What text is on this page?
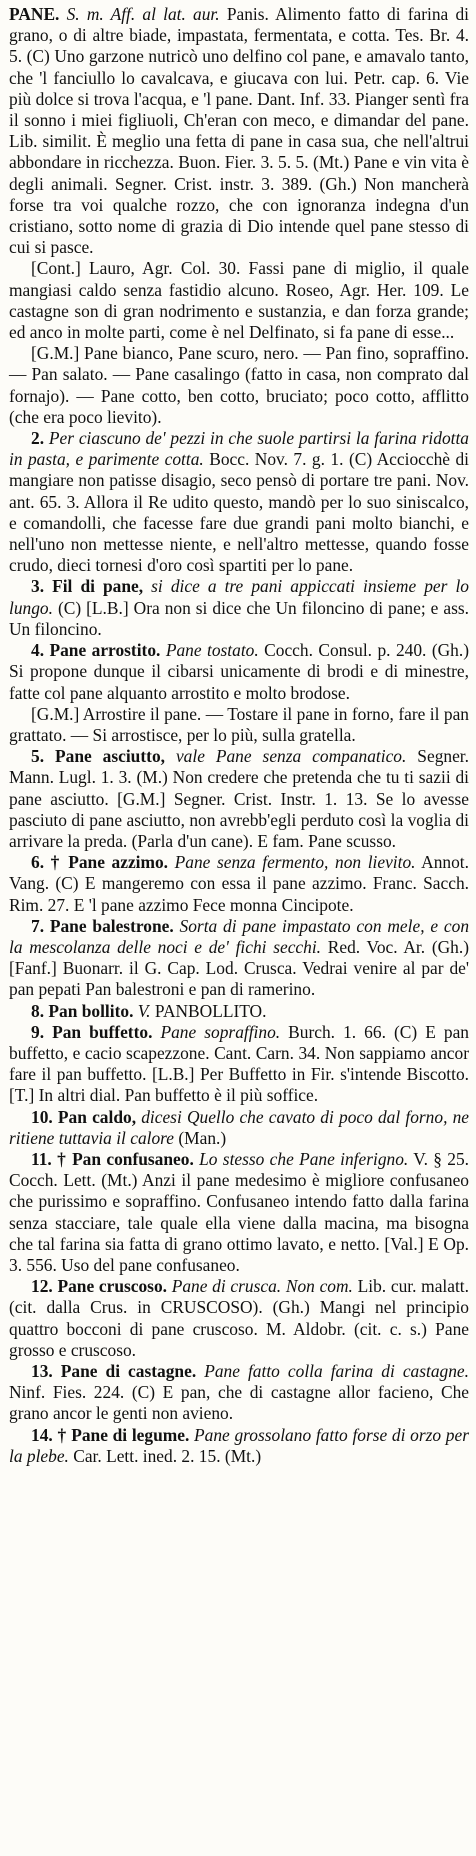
PANE. S. m. Aff. al lat. aur. Panis. Alimento fatto di farina di grano, o di altre biade, impastata, fermentata, e cotta. Tes. Br. 4. 5. (C) Uno garzone nutricò uno delfino col pane, e amavalo tanto, che 'l fanciullo lo cavalcava, e giucava con lui. Petr. cap. 6. Vie più dolce si trova l'acqua, e 'l pane. Dant. Inf. 33. Pianger sentì fra il sonno i miei figliuoli, Ch'eran con meco, e dimandar del pane. Lib. similit. È meglio una fetta di pane in casa sua, che nell'altrui abbondare in ricchezza. Buon. Fier. 3. 5. 5. (Mt.) Pane e vin vita è degli animali. Segner. Crist. instr. 3. 389. (Gh.) Non mancherà forse tra voi qualche rozzo, che con ignoranza indegna d'un cristiano, sotto nome di grazia di Dio intende quel pane stesso di cui si pasce.

[Cont.] Lauro, Agr. Col. 30. Fassi pane di miglio, il quale mangiasi caldo senza fastidio alcuno. Roseo, Agr. Her. 109. Le castagne son di gran nodrimento e sustanzia, e dan forza grande; ed anco in molte parti, come è nel Delfinato, si fa pane di esse...

[G.M.] Pane bianco, Pane scuro, nero. — Pan fino, sopraffino. — Pan salato. — Pane casalingo (fatto in casa, non comprato dal fornajo). — Pane cotto, ben cotto, bruciato; poco cotto, afflitto (che era poco lievito).

2. Per ciascuno de' pezzi in che suole partirsi la farina ridotta in pasta, e parimente cotta. Bocc. Nov. 7. g. 1. (C) Acciocchè di mangiare non patisse disagio, seco pensò di portare tre pani. Nov. ant. 65. 3. Allora il Re udito questo, mandò per lo suo siniscalco, e comandolli, che facesse fare due grandi pani molto bianchi, e nell'uno non mettesse niente, e nell'altro mettesse, quando fosse crudo, dieci tornesi d'oro così spartiti per lo pane.

3. Fil di pane, si dice a tre pani appiccati insieme per lo lungo. (C) [L.B.] Ora non si dice che Un filoncino di pane; e ass. Un filoncino.

4. Pane arrostito. Pane tostato. Cocch. Consul. p. 240. (Gh.) Si propone dunque il cibarsi unicamente di brodi e di minestre, fatte col pane alquanto arrostito e molto brodose.

[G.M.] Arrostire il pane. — Tostare il pane in forno, fare il pan grattato. — Si arrostisce, per lo più, sulla gratella.

5. Pane asciutto, vale Pane senza companatico. Segner. Mann. Lugl. 1. 3. (M.) Non credere che pretenda che tu ti sazii di pane asciutto. [G.M.] Segner. Crist. Instr. 1. 13. Se lo avesse pasciuto di pane asciutto, non avrebb'egli perduto così la voglia di arrivare la preda. (Parla d'un cane). E fam. Pane scusso.

6. † Pane azzimo. Pane senza fermento, non lievito. Annot. Vang. (C) E mangeremo con essa il pane azzimo. Franc. Sacch. Rim. 27. E 'l pane azzimo Fece monna Cincipote.

7. Pane balestrone. Sorta di pane impastato con mele, e con la mescolanza delle noci e de' fichi secchi. Red. Voc. Ar. (Gh.) [Fanf.] Buonarr. il G. Cap. Lod. Crusca. Vedrai venire al par de' pan pepati Pan balestroni e pan di ramerino.

8. Pan bollito. V. PANBOLLITO.

9. Pan buffetto. Pane sopraffino. Burch. 1. 66. (C) E pan buffetto, e cacio scapezzone. Cant. Carn. 34. Non sappiamo ancor fare il pan buffetto. [L.B.] Per Buffetto in Fir. s'intende Biscotto. [T.] In altri dial. Pan buffetto è il più soffice.

10. Pan caldo, dicesi Quello che cavato di poco dal forno, ne ritiene tuttavia il calore (Man.)

11. † Pan confusaneo. Lo stesso che Pane inferigno. V. § 25. Cocch. Lett. (Mt.) Anzi il pane medesimo è migliore confusaneo che purissimo e sopraffino. Confusaneo intendo fatto dalla farina senza stacciare, tale quale ella viene dalla macina, ma bisogna che tal farina sia fatta di grano ottimo lavato, e netto. [Val.] E Op. 3. 556. Uso del pane confusaneo.

12. Pane cruscoso. Pane di crusca. Non com. Lib. cur. malatt. (cit. dalla Crus. in CRUSCOSO). (Gh.) Mangi nel principio quattro bocconi di pane cruscoso. M. Aldobr. (cit. c. s.) Pane grosso e cruscoso.

13. Pane di castagne. Pane fatto colla farina di castagne. Ninf. Fies. 224. (C) E pan, che di castagne allor facieno, Che grano ancor le genti non avieno.

14. † Pane di legume. Pane grossolano fatto forse di orzo per la plebe. Car. Lett. ined. 2. 15. (Mt.)
